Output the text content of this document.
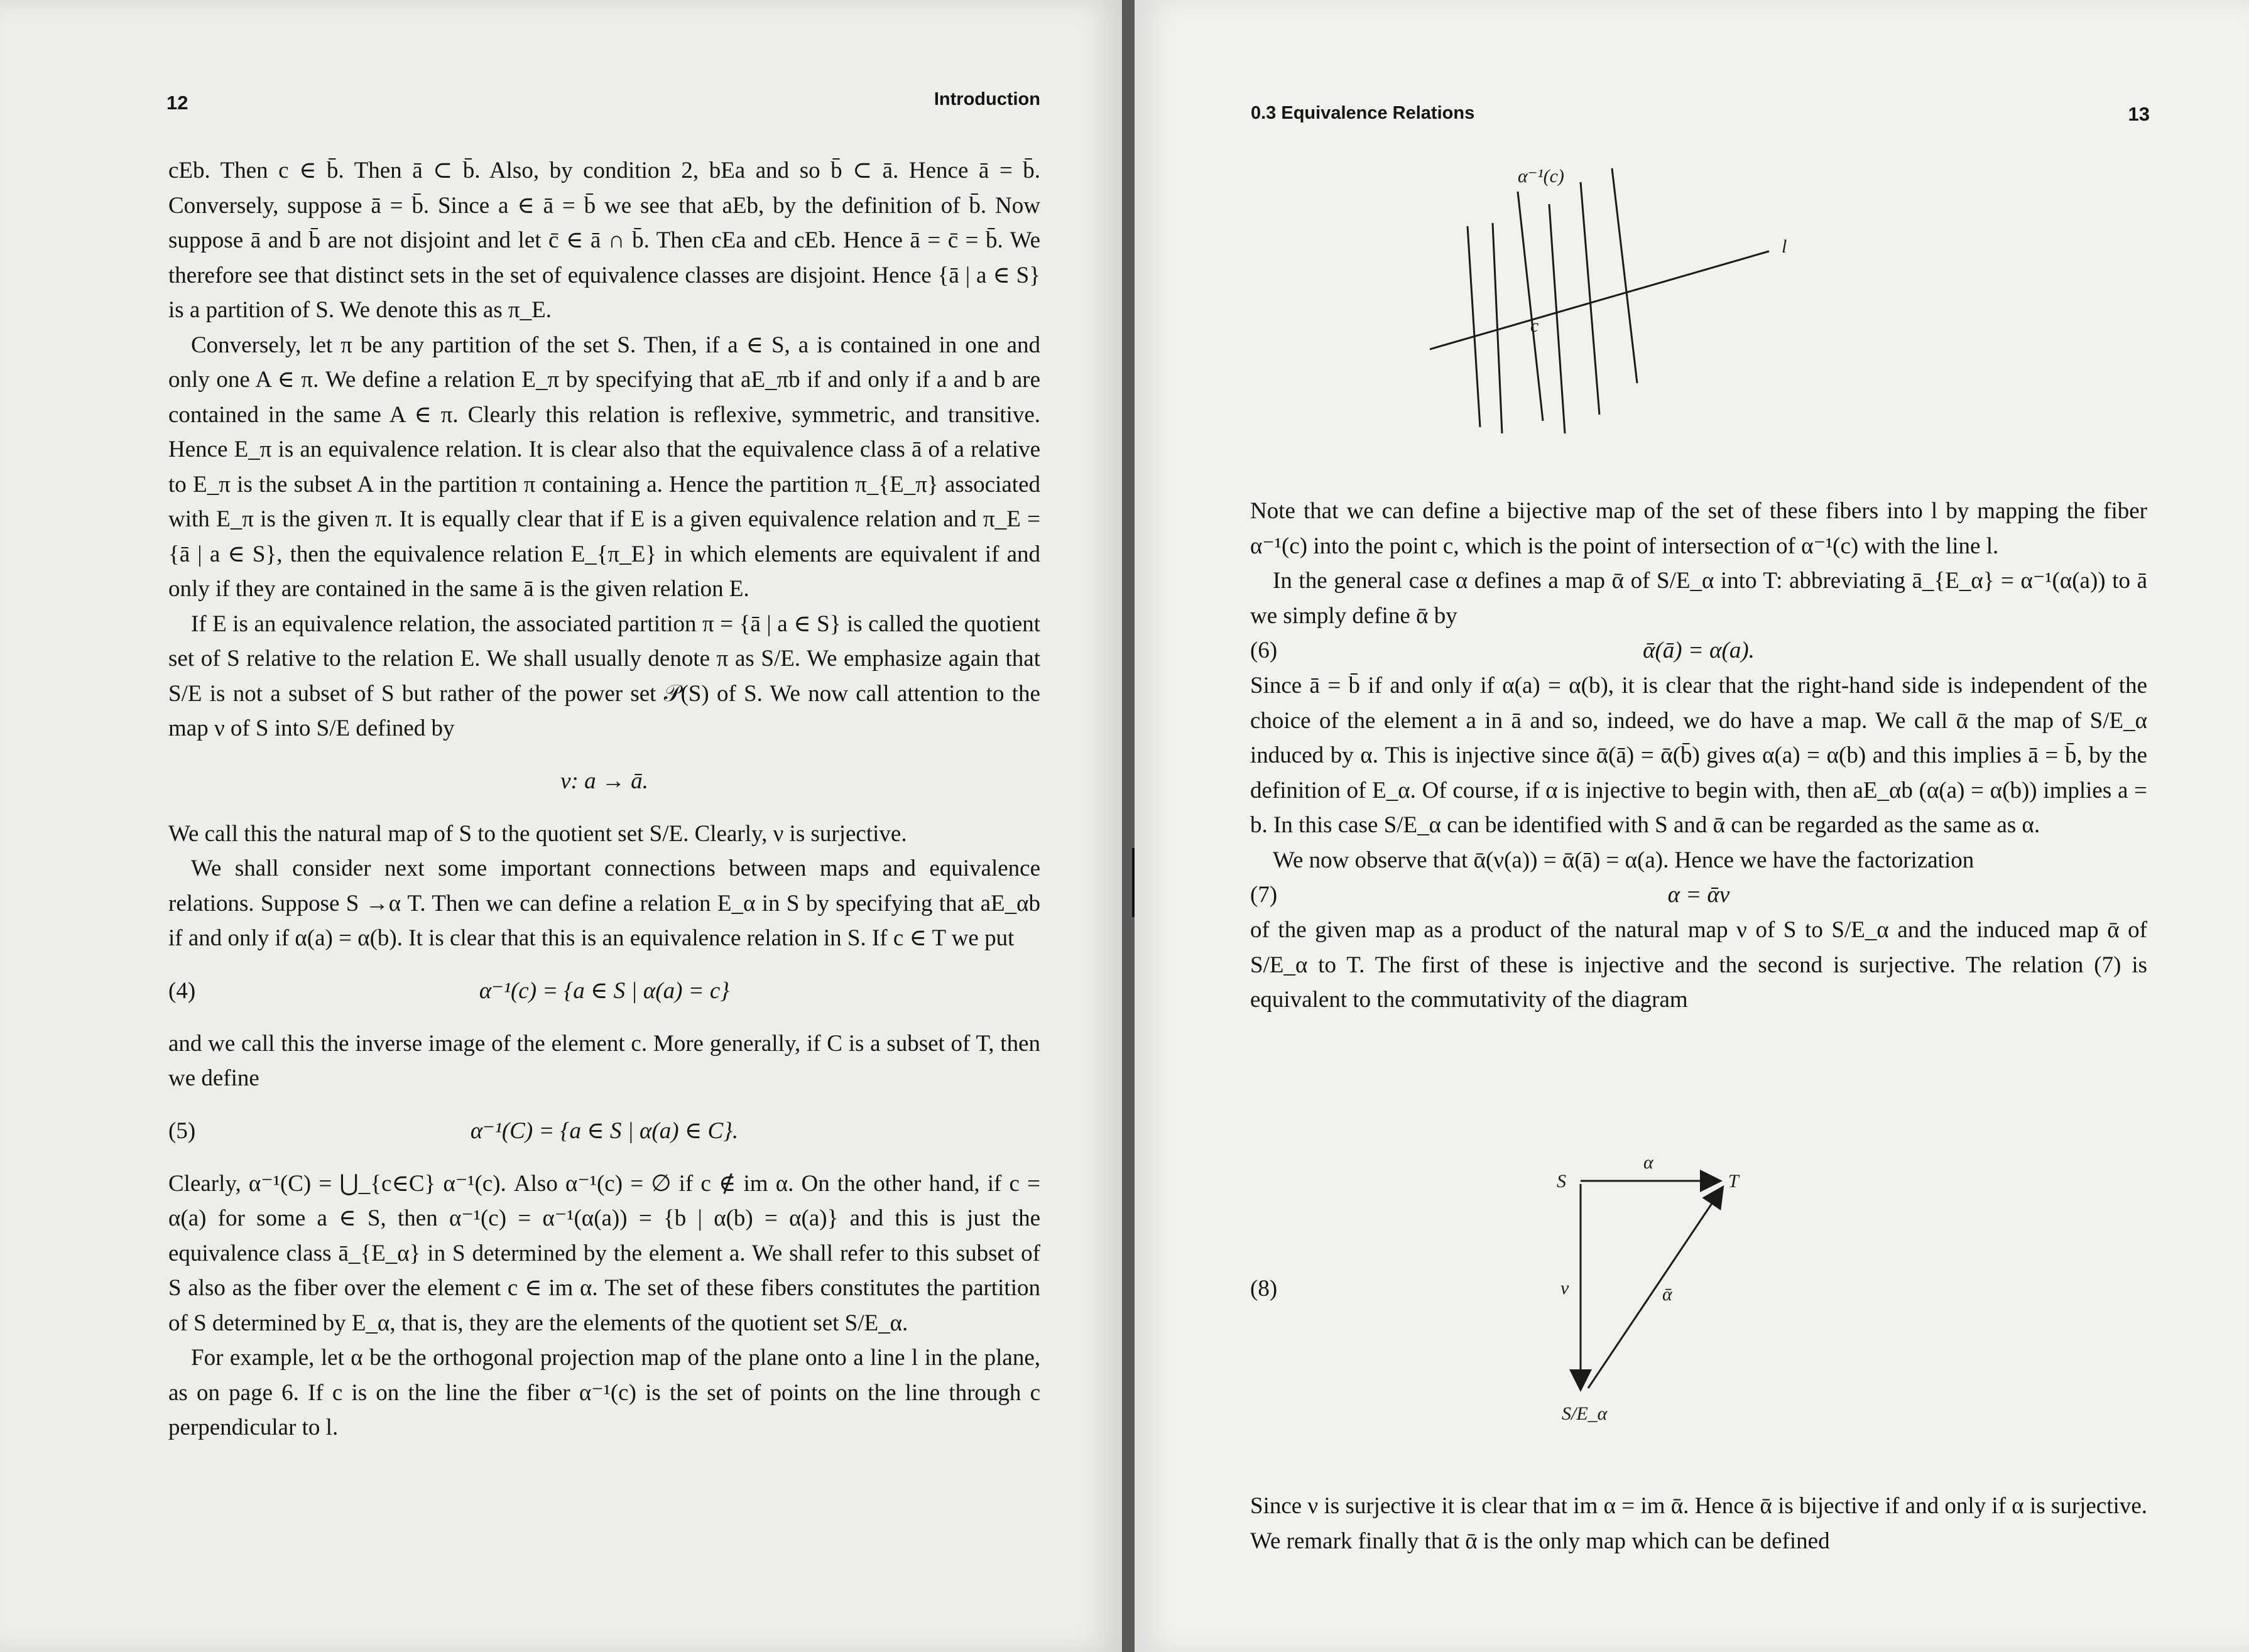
12	Introduction

cEb. Then c ∈ b̄. Then ā ⊂ b̄. Also, by condition 2, bEa and so b̄ ⊂ ā. Hence ā = b̄. Conversely, suppose ā = b̄. Since a ∈ ā = b̄ we see that aEb, by the definition of b̄. Now suppose ā and b̄ are not disjoint and let c̄ ∈ ā ∩ b̄. Then cEa and cEb. Hence ā = c̄ = b̄. We therefore see that distinct sets in the set of equivalence classes are disjoint. Hence {ā | a ∈ S} is a partition of S. We denote this as π_E.

Conversely, let π be any partition of the set S. Then, if a ∈ S, a is contained in one and only one A ∈ π. We define a relation E_π by specifying that aE_πb if and only if a and b are contained in the same A ∈ π. Clearly this relation is reflexive, symmetric, and transitive. Hence E_π is an equivalence relation. It is clear also that the equivalence class ā of a relative to E_π is the subset A in the partition π containing a. Hence the partition π_{E_π} associated with E_π is the given π. It is equally clear that if E is a given equivalence relation and π_E = {ā | a ∈ S}, then the equivalence relation E_{π_E} in which elements are equivalent if and only if they are contained in the same ā is the given relation E.

If E is an equivalence relation, the associated partition π = {ā | a ∈ S} is called the quotient set of S relative to the relation E. We shall usually denote π as S/E. We emphasize again that S/E is not a subset of S but rather of the power set 𝒫(S) of S. We now call attention to the map ν of S into S/E defined by

ν: a → ā.

We call this the natural map of S to the quotient set S/E. Clearly, ν is surjective.

We shall consider next some important connections between maps and equivalence relations. Suppose S →α T. Then we can define a relation E_α in S by specifying that aE_αb if and only if α(a) = α(b). It is clear that this is an equivalence relation in S. If c ∈ T we put

(4)	α⁻¹(c) = {a ∈ S | α(a) = c}

and we call this the inverse image of the element c. More generally, if C is a subset of T, then we define

(5)	α⁻¹(C) = {a ∈ S | α(a) ∈ C}.

Clearly, α⁻¹(C) = ⋃_{c∈C} α⁻¹(c). Also α⁻¹(c) = ∅ if c ∉ im α. On the other hand, if c = α(a) for some a ∈ S, then α⁻¹(c) = α⁻¹(α(a)) = {b | α(b) = α(a)} and this is just the equivalence class ā_{E_α} in S determined by the element a. We shall refer to this subset of S also as the fiber over the element c ∈ im α. The set of these fibers constitutes the partition of S determined by E_α, that is, they are the elements of the quotient set S/E_α.

For example, let α be the orthogonal projection map of the plane onto a line l in the plane, as on page 6. If c is on the line the fiber α⁻¹(c) is the set of points on the line through c perpendicular to l.

0.3 Equivalence Relations	13
α⁻¹(c)
c
l

Note that we can define a bijective map of the set of these fibers into l by mapping the fiber α⁻¹(c) into the point c, which is the point of intersection of α⁻¹(c) with the line l.

In the general case α defines a map ᾱ of S/E_α into T: abbreviating ā_{E_α} = α⁻¹(α(a)) to ā we simply define ᾱ by

(6)	ᾱ(ā) = α(a).

Since ā = b̄ if and only if α(a) = α(b), it is clear that the right-hand side is independent of the choice of the element a in ā and so, indeed, we do have a map. We call ᾱ the map of S/E_α induced by α. This is injective since ᾱ(ā) = ᾱ(b̄) gives α(a) = α(b) and this implies ā = b̄, by the definition of E_α. Of course, if α is injective to begin with, then aE_αb (α(a) = α(b)) implies a = b. In this case S/E_α can be identified with S and ᾱ can be regarded as the same as α.

We now observe that ᾱ(ν(a)) = ᾱ(ā) = α(a). Hence we have the factorization

(7)	α = ᾱν

of the given map as a product of the natural map ν of S to S/E_α and the induced map ᾱ of S/E_α to T. The first of these is injective and the second is surjective. The relation (7) is equivalent to the commutativity of the diagram

(8)
S	T
S/E_α
α
ν	ᾱ

Since ν is surjective it is clear that im α = im ᾱ. Hence ᾱ is bijective if and only if α is surjective. We remark finally that ᾱ is the only map which can be defined
